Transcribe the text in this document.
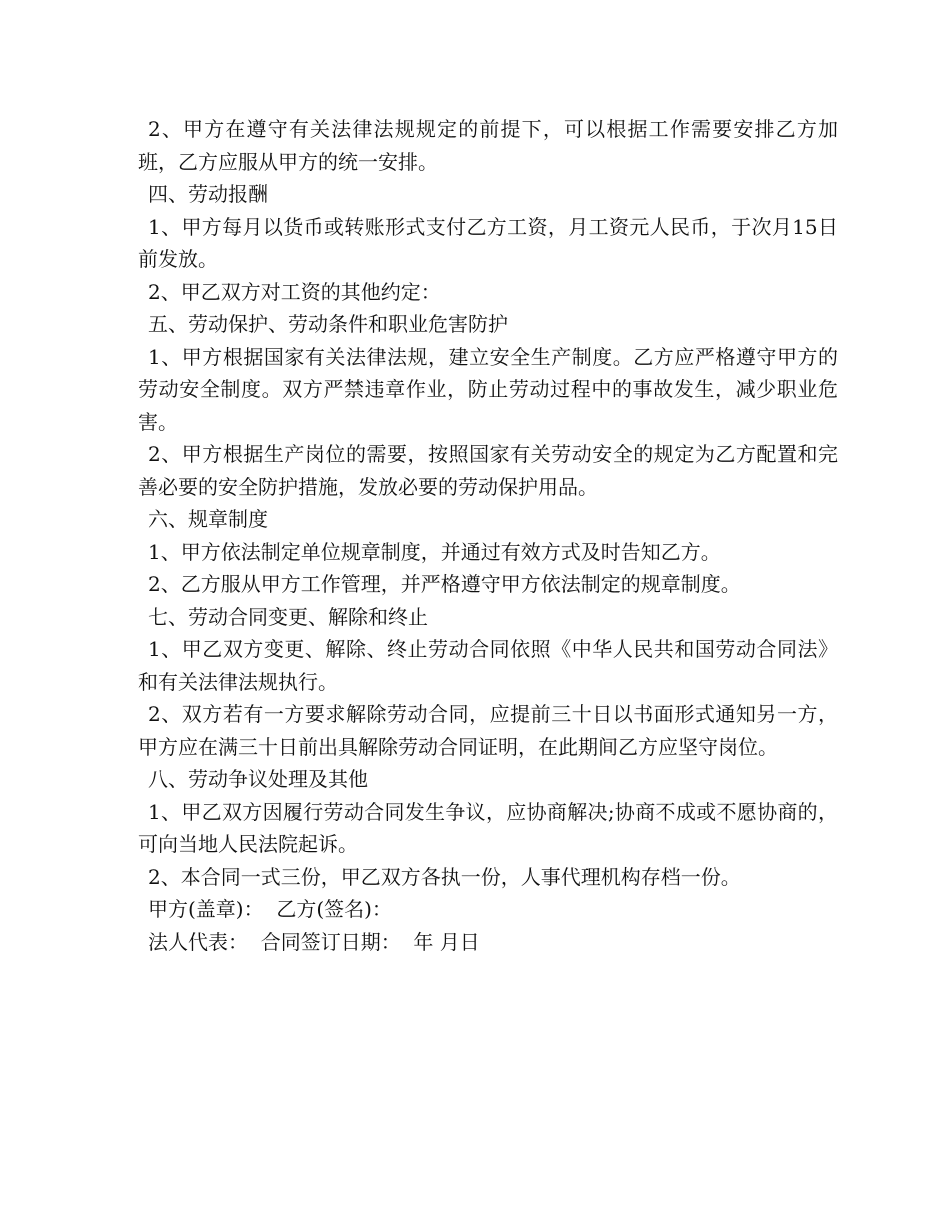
2、甲方在遵守有关法律法规规定的前提下，可以根据工作需要安排乙方加班，乙方应服从甲方的统一安排。

四、劳动报酬

1、甲方每月以货币或转账形式支付乙方工资，月工资元人民币，于次月15日前发放。

2、甲乙双方对工资的其他约定：

五、劳动保护、劳动条件和职业危害防护

1、甲方根据国家有关法律法规，建立安全生产制度。乙方应严格遵守甲方的劳动安全制度。双方严禁违章作业，防止劳动过程中的事故发生，减少职业危害。

2、甲方根据生产岗位的需要，按照国家有关劳动安全的规定为乙方配置和完善必要的安全防护措施，发放必要的劳动保护用品。

六、规章制度

1、甲方依法制定单位规章制度，并通过有效方式及时告知乙方。

2、乙方服从甲方工作管理，并严格遵守甲方依法制定的规章制度。

七、劳动合同变更、解除和终止

1、甲乙双方变更、解除、终止劳动合同依照《中华人民共和国劳动合同法》和有关法律法规执行。

2、双方若有一方要求解除劳动合同，应提前三十日以书面形式通知另一方，甲方应在满三十日前出具解除劳动合同证明，在此期间乙方应坚守岗位。

八、劳动争议处理及其他

1、甲乙双方因履行劳动合同发生争议，应协商解决;协商不成或不愿协商的，可向当地人民法院起诉。

2、本合同一式三份，甲乙双方各执一份，人事代理机构存档一份。

甲方(盖章)：  乙方(签名)：

法人代表：  合同签订日期：  年 月日
